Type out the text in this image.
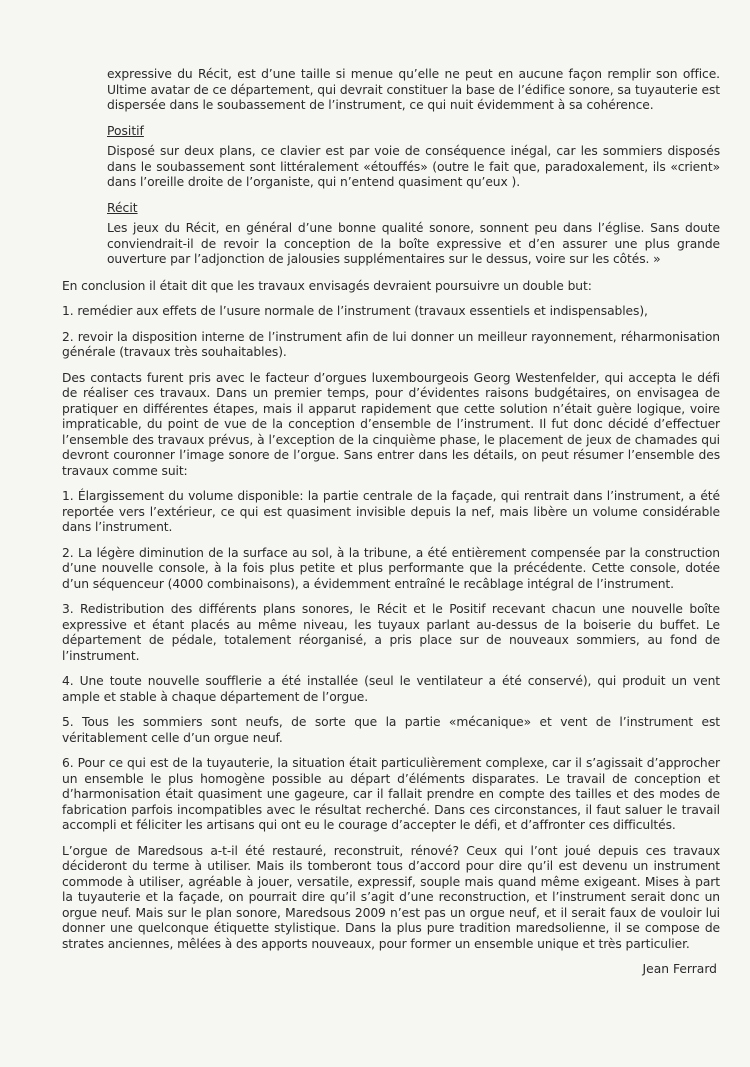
expressive du Récit, est d’une taille si menue qu’elle ne peut en aucune façon remplir son office. Ultime avatar de ce département, qui devrait constituer la base de l’édifice sonore, sa tuyauterie est dispersée dans le soubassement de l’instrument, ce qui nuit évidemment à sa cohérence.

Positif

Disposé sur deux plans, ce clavier est par voie de conséquence inégal, car les sommiers disposés dans le soubassement sont littéralement «étouffés» (outre le fait que, paradoxalement, ils «crient» dans l’oreille droite de l’organiste, qui n’entend quasiment qu’eux ).

Récit

Les jeux du Récit, en général d’une bonne qualité sonore, sonnent peu dans l’église. Sans doute conviendrait-il de revoir la conception de la boîte expressive et d’en assurer une plus grande ouverture par l’adjonction de jalousies supplémentaires sur le dessus, voire sur les côtés. »

En conclusion il était dit que les travaux envisagés devraient poursuivre un double but:

1. remédier aux effets de l’usure normale de l’instrument (travaux essentiels et indispensables),

2. revoir la disposition interne de l’instrument afin de lui donner un meilleur rayonnement, réharmonisation générale (travaux très souhaitables).

Des contacts furent pris avec le facteur d’orgues luxembourgeois Georg Westenfelder, qui accepta le défi de réaliser ces travaux. Dans un premier temps, pour d’évidentes raisons budgétaires, on envisagea de pratiquer en différentes étapes, mais il apparut rapidement que cette solution n’était guère logique, voire impraticable, du point de vue de la conception d’ensemble de l’instrument. Il fut donc décidé d’effectuer l’ensemble des travaux prévus, à l’exception de la cinquième phase, le placement de jeux de chamades qui devront couronner l’image sonore de l’orgue. Sans entrer dans les détails, on peut résumer l’ensemble des travaux comme suit:

1. Élargissement du volume disponible: la partie centrale de la façade, qui rentrait dans l’instrument, a été reportée vers l’extérieur, ce qui est quasiment invisible depuis la nef, mais libère un volume considérable dans l’instrument.

2. La légère diminution de la surface au sol, à la tribune, a été entièrement compensée par la construction d’une nouvelle console, à la fois plus petite et plus performante que la précédente. Cette console, dotée d’un séquenceur (4000 combinaisons), a évidemment entraîné le recâblage intégral de l’instrument.

3. Redistribution des différents plans sonores, le Récit et le Positif recevant chacun une nouvelle boîte expressive et étant placés au même niveau, les tuyaux parlant au-dessus de la boiserie du buffet. Le département de pédale, totalement réorganisé, a pris place sur de nouveaux sommiers, au fond de l’instrument.

4. Une toute nouvelle soufflerie a été installée (seul le ventilateur a été conservé), qui produit un vent ample et stable à chaque département de l’orgue.

5. Tous les sommiers sont neufs, de sorte que la partie «mécanique» et vent de l’instrument est véritablement celle d’un orgue neuf.

6. Pour ce qui est de la tuyauterie, la situation était particulièrement complexe, car il s’agissait d’approcher un ensemble le plus homogène possible au départ d’éléments disparates. Le travail de conception et d’harmonisation était quasiment une gageure, car il fallait prendre en compte des tailles et des modes de fabrication parfois incompatibles avec le résultat recherché. Dans ces circonstances, il faut saluer le travail accompli et féliciter les artisans qui ont eu le courage d’accepter le défi, et d’affronter ces difficultés.

L’orgue de Maredsous a-t-il été restauré, reconstruit, rénové? Ceux qui l’ont joué depuis ces travaux décideront du terme à utiliser. Mais ils tomberont tous d’accord pour dire qu’il est devenu un instrument commode à utiliser, agréable à jouer, versatile, expressif, souple mais quand même exigeant. Mises à part la tuyauterie et la façade, on pourrait dire qu’il s’agit d’une reconstruction, et l’instrument serait donc un orgue neuf. Mais sur le plan sonore, Maredsous 2009 n’est pas un orgue neuf, et il serait faux de vouloir lui donner une quelconque étiquette stylistique. Dans la plus pure tradition maredsolienne, il se compose de strates anciennes, mêlées à des apports nouveaux, pour former un ensemble unique et très particulier.

Jean Ferrard
